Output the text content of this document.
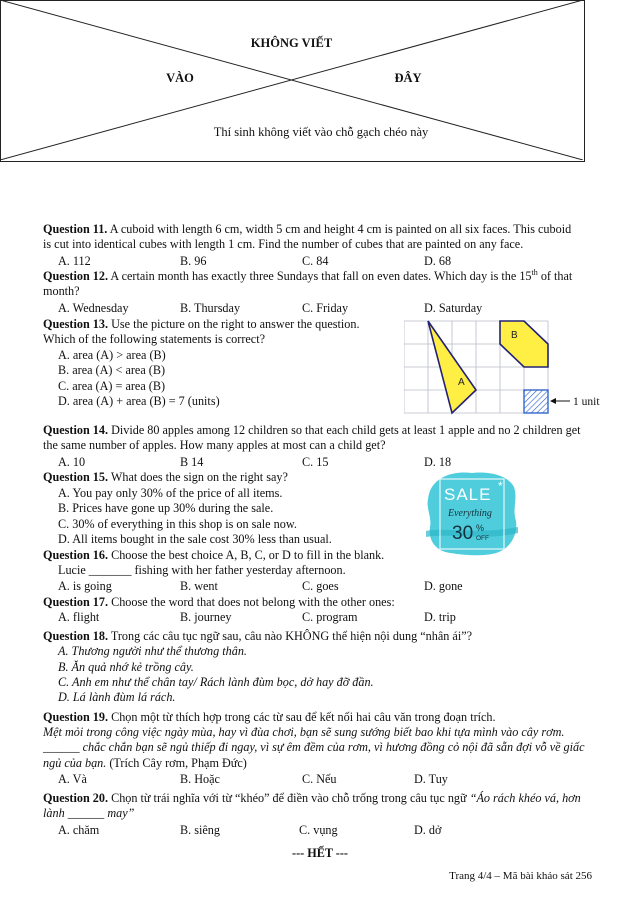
KHÔNG VIẾT
VÀO	ĐÂY
Thí sinh không viết vào chỗ gạch chéo này
Question 11. A cuboid with length 6 cm, width 5 cm and height 4 cm is painted on all six faces. This cuboid
is cut into identical cubes with length 1 cm. Find the number of cubes that are painted on any face.
A. 112	B. 96	C. 84	D. 68
Question 12. A certain month has exactly three Sundays that fall on even dates. Which day is the 15th of that
month?
A. Wednesday	B. Thursday	C. Friday	D. Saturday
Question 13. Use the picture on the right to answer the question.
Which of the following statements is correct?
A. area (A) > area (B)
B. area (A) < area (B)
C. area (A) = area (B)
D. area (A) + area (B) = 7 (units)
A
B
1 unit
Question 14. Divide 80 apples among 12 children so that each child gets at least 1 apple and no 2 children get
the same number of apples. How many apples at most can a child get?
A. 10	B 14	C. 15	D. 18
Question 15. What does the sign on the right say?
A. You pay only 30% of the price of all items.
B. Prices have gone up 30% during the sale.
C. 30% of everything in this shop is on sale now.
D. All items bought in the sale cost 30% less than usual.
SALE *
Everything
30 %
OFF
Question 16. Choose the best choice A, B, C, or D to fill in the blank.
Lucie _______ fishing with her father yesterday afternoon.
A. is going	B. went	C. goes	D. gone
Question 17. Choose the word that does not belong with the other ones:
A. flight	B. journey	C. program	D. trip
Question 18. Trong các câu tục ngữ sau, câu nào KHÔNG thể hiện nội dung “nhân ái”?
A. Thương người như thể thương thân.
B. Ăn quả nhớ kẻ trồng cây.
C. Anh em như thể chân tay/ Rách lành đùm bọc, dở hay đỡ đần.
D. Lá lành đùm lá rách.
Question 19. Chọn một từ thích hợp trong các từ sau để kết nối hai câu văn trong đoạn trích.
Mệt mỏi trong công việc ngày mùa, hay vì đùa chơi, bạn sẽ sung sướng biết bao khi tựa mình vào cây rơm.
______ chắc chắn bạn sẽ ngủ thiếp đi ngay, vì sự êm đềm của rơm, vì hương đồng cỏ nội đã sẵn đợi vỗ về giấc
ngủ của bạn. (Trích Cây rơm, Phạm Đức)
A. Và	B. Hoặc	C. Nếu	D. Tuy
Question 20. Chọn từ trái nghĩa với từ “khéo” để điền vào chỗ trống trong câu tục ngữ “Áo rách khéo vá, hơn
lành ______ may”
A. chăm	B. siêng	C. vụng	D. dở
--- HẾT ---
Trang 4/4 – Mã bài khảo sát 256
